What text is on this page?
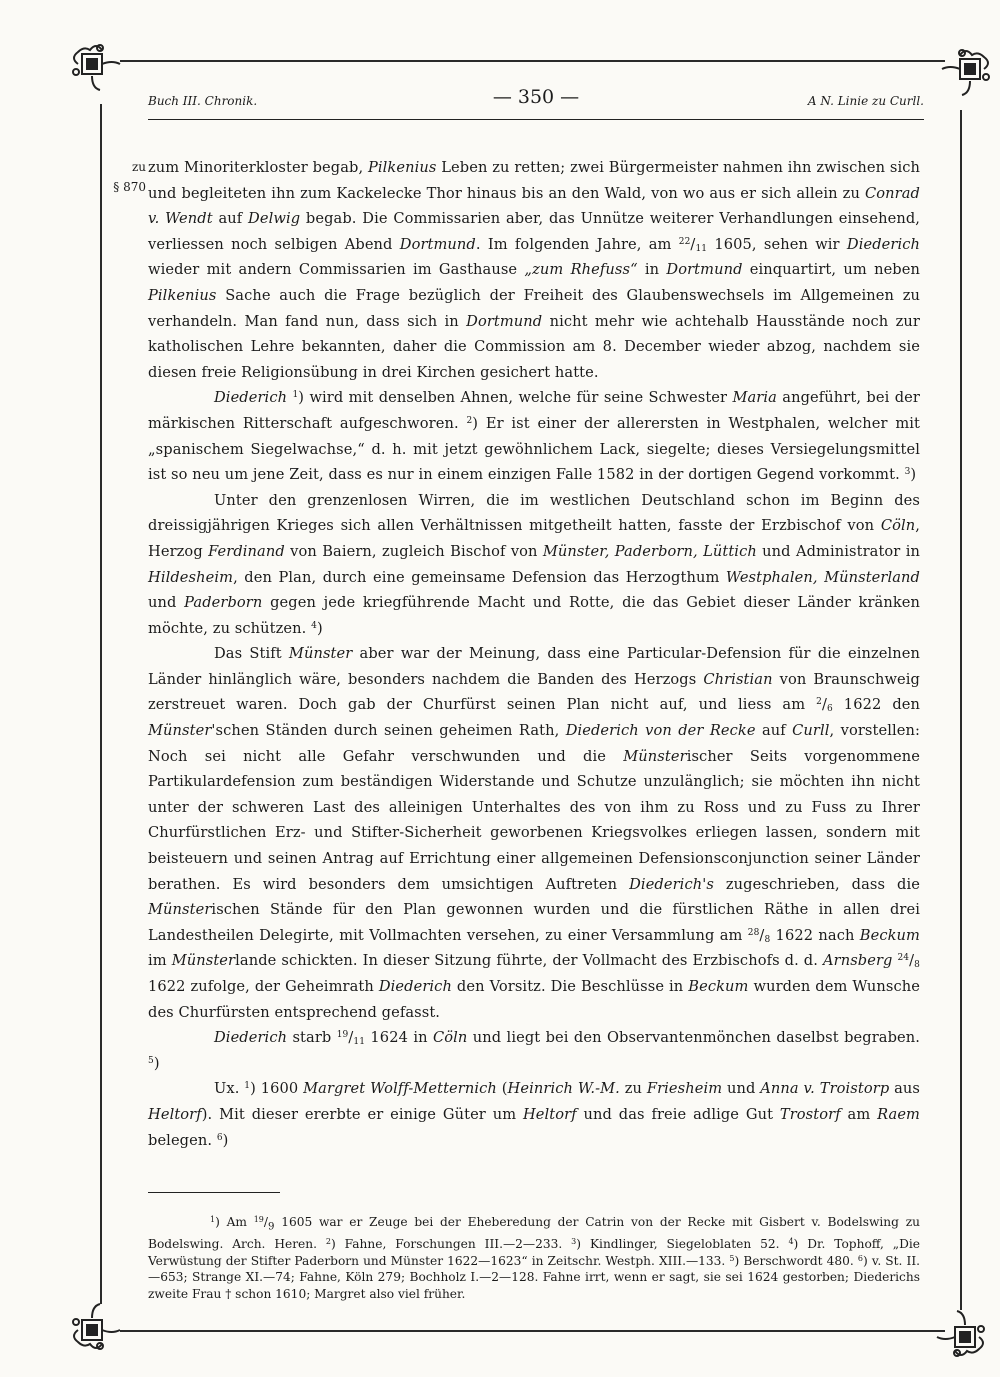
Buch III. Chronik.	— 350 —	A N. Linie zu Curll.
zu
§ 870

zum Minoriterkloster begab, Pilkenius Leben zu retten; zwei Bürgermeister nahmen ihn zwischen sich und begleiteten ihn zum Kackelecke Thor hinaus bis an den Wald, von wo aus er sich allein zu Conrad v. Wendt auf Delwig begab. Die Commissarien aber, das Unnütze weiterer Verhandlungen einsehend, verliessen noch selbigen Abend Dortmund. Im folgenden Jahre, am $^{22}/_{11}$ 1605, sehen wir Diederich wieder mit andern Commissarien im Gasthause „zum Rhefuss“ in Dortmund einquartirt, um neben Pilkenius Sache auch die Frage bezüglich der Freiheit des Glaubenswechsels im Allgemeinen zu verhandeln. Man fand nun, dass sich in Dortmund nicht mehr wie achtehalb Hausstände noch zur katholischen Lehre bekannten, daher die Commission am 8. December wieder abzog, nachdem sie diesen freie Religionsübung in drei Kirchen gesichert hatte.

Diederich $^1$) wird mit denselben Ahnen, welche für seine Schwester Maria angeführt, bei der märkischen Ritterschaft aufgeschworen. $^2$) Er ist einer der allerersten in Westphalen, welcher mit „spanischem Siegelwachse,“ d. h. mit jetzt gewöhnlichem Lack, siegelte; dieses Versiegelungsmittel ist so neu um jene Zeit, dass es nur in einem einzigen Falle 1582 in der dortigen Gegend vorkommt. $^3$)

Unter den grenzenlosen Wirren, die im westlichen Deutschland schon im Beginn des dreissigjährigen Krieges sich allen Verhältnissen mitgetheilt hatten, fasste der Erzbischof von Cöln, Herzog Ferdinand von Baiern, zugleich Bischof von Münster, Paderborn, Lüttich und Administrator in Hildesheim, den Plan, durch eine gemeinsame Defension das Herzogthum Westphalen, Münsterland und Paderborn gegen jede kriegführende Macht und Rotte, die das Gebiet dieser Länder kränken möchte, zu schützen. $^4$)

Das Stift Münster aber war der Meinung, dass eine Particular-Defension für die einzelnen Länder hinlänglich wäre, besonders nachdem die Banden des Herzogs Christian von Braunschweig zerstreuet waren. Doch gab der Churfürst seinen Plan nicht auf, und liess am $^2/_6$ 1622 den Münster'schen Ständen durch seinen geheimen Rath, Diederich von der Recke auf Curll, vorstellen: Noch sei nicht alle Gefahr verschwunden und die Münsterischer Seits vorgenommene Partikulardefension zum beständigen Widerstande und Schutze unzulänglich; sie möchten ihn nicht unter der schweren Last des alleinigen Unterhaltes des von ihm zu Ross und zu Fuss zu Ihrer Churfürstlichen Erz- und Stifter-Sicherheit geworbenen Kriegsvolkes erliegen lassen, sondern mit beisteuern und seinen Antrag auf Errichtung einer allgemeinen Defensionsconjunction seiner Länder berathen. Es wird besonders dem umsichtigen Auftreten Diederich's zugeschrieben, dass die Münsterischen Stände für den Plan gewonnen wurden und die fürstlichen Räthe in allen drei Landestheilen Delegirte, mit Vollmachten versehen, zu einer Versammlung am $^{28}/_8$ 1622 nach Beckum im Münsterlande schickten. In dieser Sitzung führte, der Vollmacht des Erzbischofs d. d. Arnsberg $^{24}/_8$ 1622 zufolge, der Geheimrath Diederich den Vorsitz. Die Beschlüsse in Beckum wurden dem Wunsche des Churfürsten entsprechend gefasst.

Diederich starb $^{19}/_{11}$ 1624 in Cöln und liegt bei den Observantenmönchen daselbst begraben. $^5$)

Ux. $^1$) 1600 Margret Wolff-Metternich (Heinrich W.-M. zu Friesheim und Anna v. Troistorp aus Heltorf). Mit dieser ererbte er einige Güter um Heltorf und das freie adlige Gut Trostorf am Raem belegen. $^6$)

$^1$) Am $^{19}/_9$ 1605 war er Zeuge bei der Eheberedung der Catrin von der Recke mit Gisbert v. Bodelswing zu Bodelswing. Arch. Heren. $^2$) Fahne, Forschungen III.—2—233. $^3$) Kindlinger, Siegeloblaten 52. $^4$) Dr. Tophoff, „Die Verwüstung der Stifter Paderborn und Münster 1622—1623“ in Zeitschr. Westph. XIII.—133. $^5$) Berschwordt 480. $^6$) v. St. II.—653; Strange XI.—74; Fahne, Köln 279; Bochholz I.—2—128. Fahne irrt, wenn er sagt, sie sei 1624 gestorben; Diederichs zweite Frau † schon 1610; Margret also viel früher.
